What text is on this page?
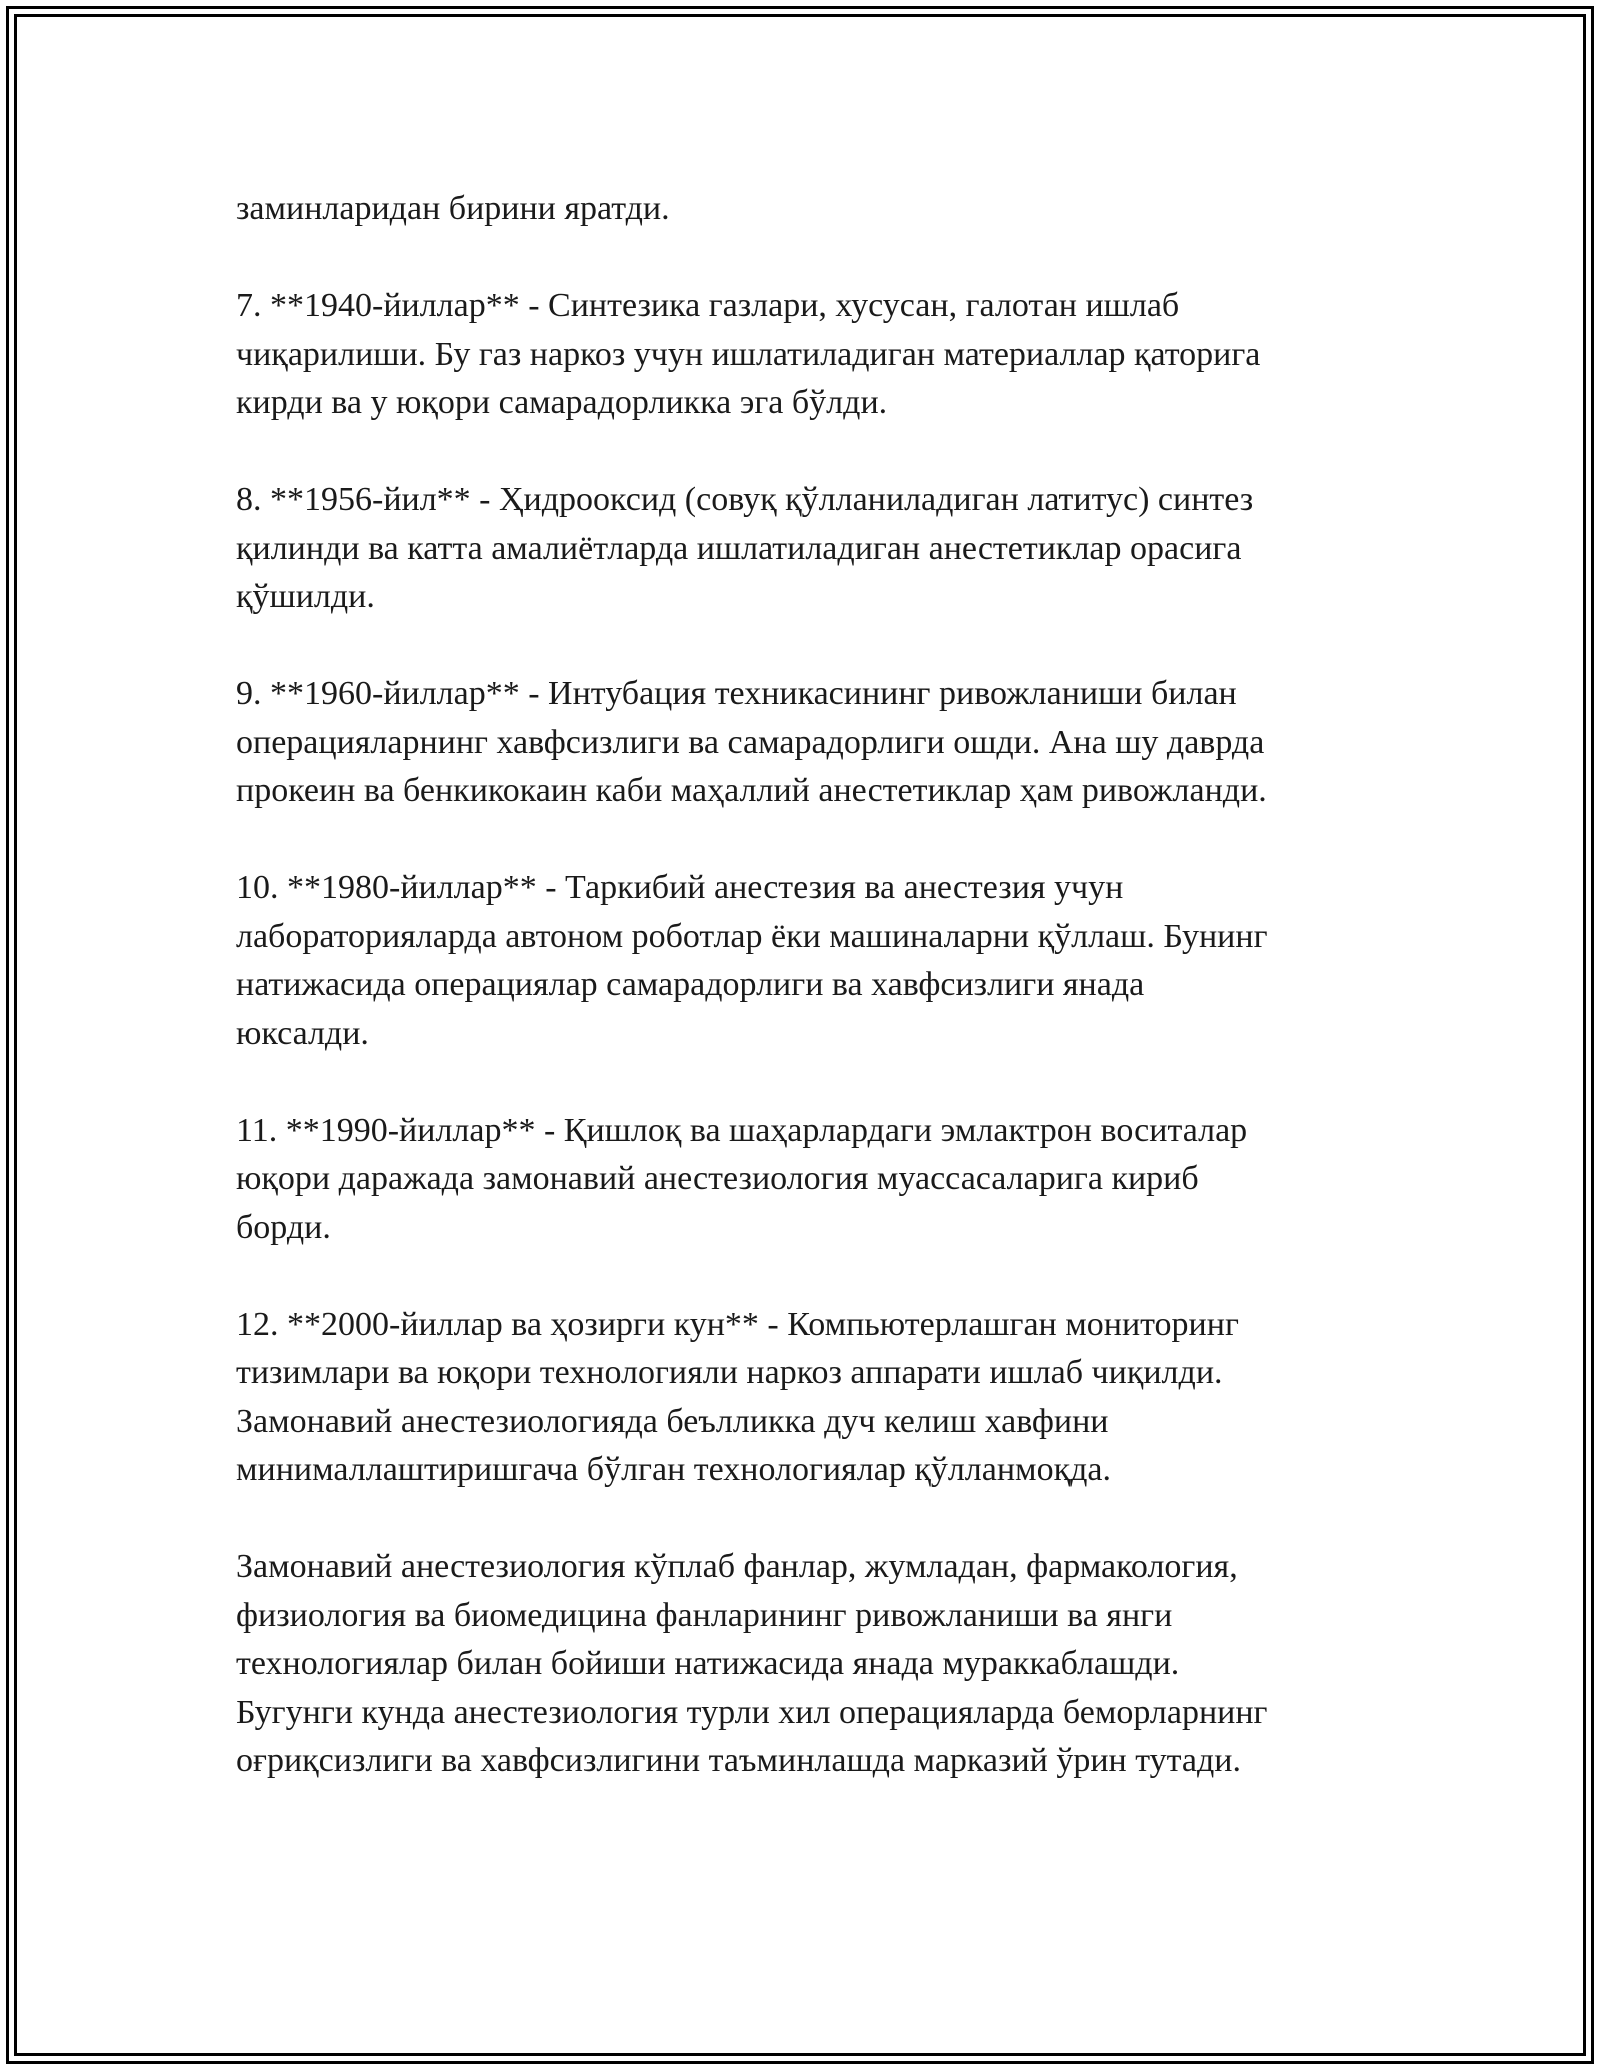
заминларидан бирини яратди.

7. **1940-йиллар** - Синтезика газлари, хусусан, галотан ишлаб
чиқарилиши. Бу газ наркоз учун ишлатиладиган материаллар қаторига
кирди ва у юқори самарадорликка эга бўлди.

8. **1956-йил** - Ҳидрооксид (совуқ қўлланиладиган латитус) синтез
қилинди ва катта амалиётларда ишлатиладиган анестетиклар орасига
қўшилди.

9. **1960-йиллар** - Интубация техникасининг ривожланиши билан
операцияларнинг хавфсизлиги ва самарадорлиги ошди. Ана шу даврда
прокеин ва бенкикокаин каби маҳаллий анестетиклар ҳам ривожланди.

10. **1980-йиллар** - Таркибий анестезия ва анестезия учун
лабораторияларда автоном роботлар ёки машиналарни қўллаш. Бунинг
натижасида операциялар самарадорлиги ва хавфсизлиги янада
юксалди.

11. **1990-йиллар** - Қишлоқ ва шаҳарлардаги эмлактрон воситалар
юқори даражада замонавий анестезиология муассасаларига кириб
борди.

12. **2000-йиллар ва ҳозирги кун** - Компьютерлашган мониторинг
тизимлари ва юқори технологияли наркоз аппарати ишлаб чиқилди.
Замонавий анестезиологияда беълликка дуч келиш хавфини
минималлаштиришгача бўлган технологиялар қўлланмоқда.

Замонавий анестезиология кўплаб фанлар, жумладан, фармакология,
физиология ва биомедицина фанларининг ривожланиши ва янги
технологиялар билан бойиши натижасида янада мураккаблашди.
Бугунги кунда анестезиология турли хил операцияларда беморларнинг
оғриқсизлиги ва хавфсизлигини таъминлашда марказий ўрин тутади.
